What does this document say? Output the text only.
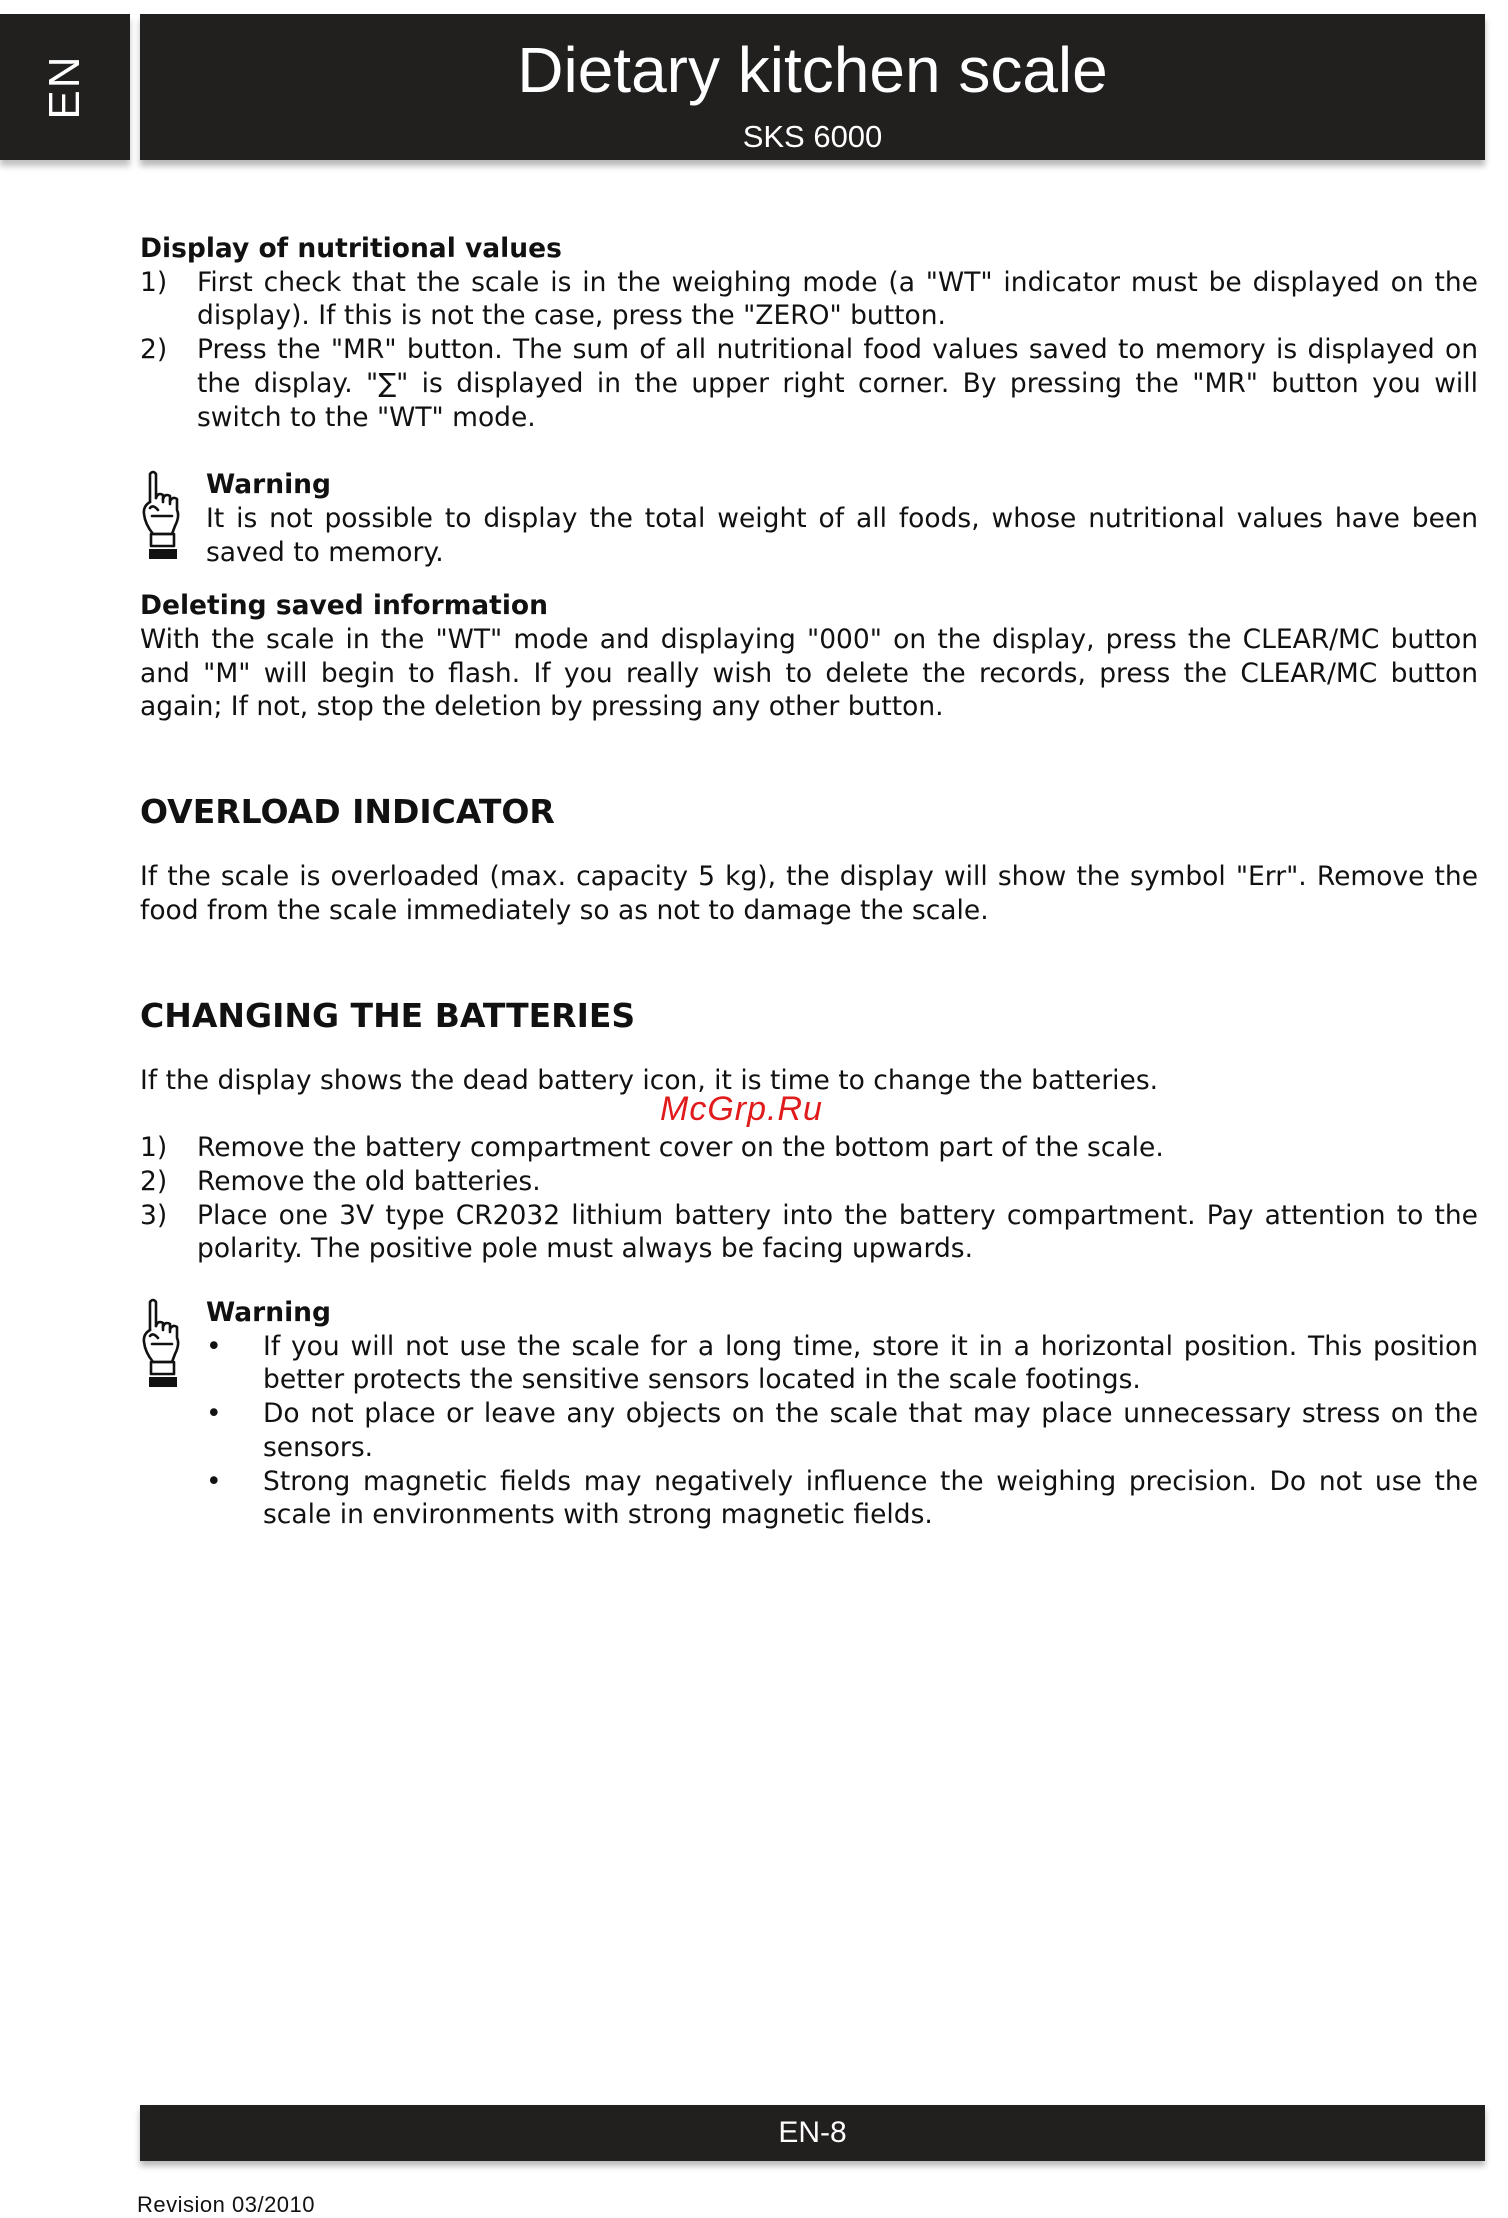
EN	Dietary kitchen scale
SKS 6000
Display of nutritional values
1) First check that the scale is in the weighing mode (a "WT" indicator must be displayed on the display). If this is not the case, press the "ZERO" button.
2) Press the "MR" button. The sum of all nutritional food values saved to memory is displayed on the display. "∑" is displayed in the upper right corner. By pressing the "MR" button you will switch to the "WT" mode.
Warning
It is not possible to display the total weight of all foods, whose nutritional values have been saved to memory.
Deleting saved information
With the scale in the "WT" mode and displaying "000" on the display, press the CLEAR/MC button and "M" will begin to flash. If you really wish to delete the records, press the CLEAR/MC button again; If not, stop the deletion by pressing any other button.
OVERLOAD INDICATOR
If the scale is overloaded (max. capacity 5 kg), the display will show the symbol "Err". Remove the food from the scale immediately so as not to damage the scale.
CHANGING THE BATTERIES
If the display shows the dead battery icon, it is time to change the batteries.
1) Remove the battery compartment cover on the bottom part of the scale.
2) Remove the old batteries.
3) Place one 3V type CR2032 lithium battery into the battery compartment. Pay attention to the polarity. The positive pole must always be facing upwards.
Warning
• If you will not use the scale for a long time, store it in a horizontal position. This position better protects the sensitive sensors located in the scale footings.
• Do not place or leave any objects on the scale that may place unnecessary stress on the sensors.
• Strong magnetic fields may negatively influence the weighing precision. Do not use the scale in environments with strong magnetic fields.
McGrp.Ru
EN-8
Revision 03/2010
